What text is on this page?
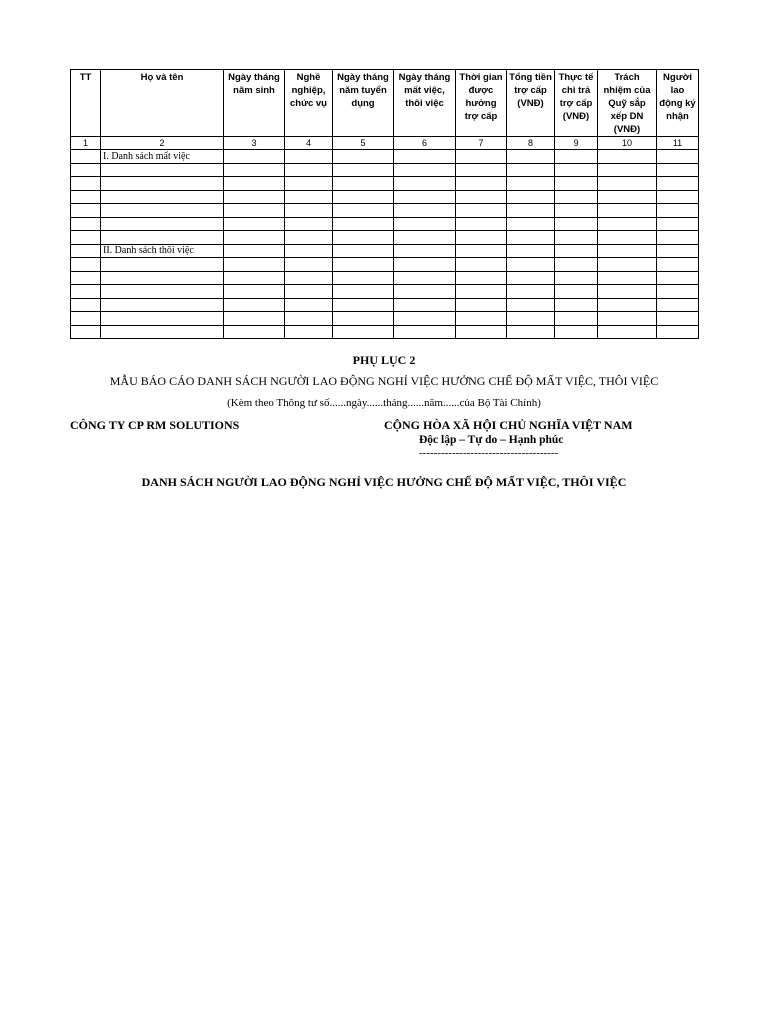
TT	Họ và tên	Ngày tháng năm sinh	Nghề nghiệp, chức vụ	Ngày tháng năm tuyển dụng	Ngày tháng mất việc, thôi việc	Thời gian được hưởng trợ cấp	Tổng tiền trợ cấp (VNĐ)	Thực tế chi trả trợ cấp (VNĐ)	Trách nhiệm của Quỹ sắp xếp DN (VNĐ)	Người lao động ký nhận
1	2	3	4	5	6	7	8	9	10	11
	I. Danh sách mất việc									

	II. Danh sách thôi việc									

PHỤ LỤC 2
MẪU BÁO CÁO DANH SÁCH NGƯỜI LAO ĐỘNG NGHỈ VIỆC HƯỞNG CHẾ ĐỘ MẤT VIỆC, THÔI VIỆC
(Kèm theo Thông tư số......ngày......tháng......năm......của Bộ Tài Chính)
CÔNG TY CP RM SOLUTIONS	CỘNG HÒA XÃ HỘI CHỦ NGHĨA VIỆT NAM
Độc lập – Tự do – Hạnh phúc
--------------------------------------
DANH SÁCH NGƯỜI LAO ĐỘNG NGHỈ VIỆC HƯỞNG CHẾ ĐỘ MẤT VIỆC, THÔI VIỆC
